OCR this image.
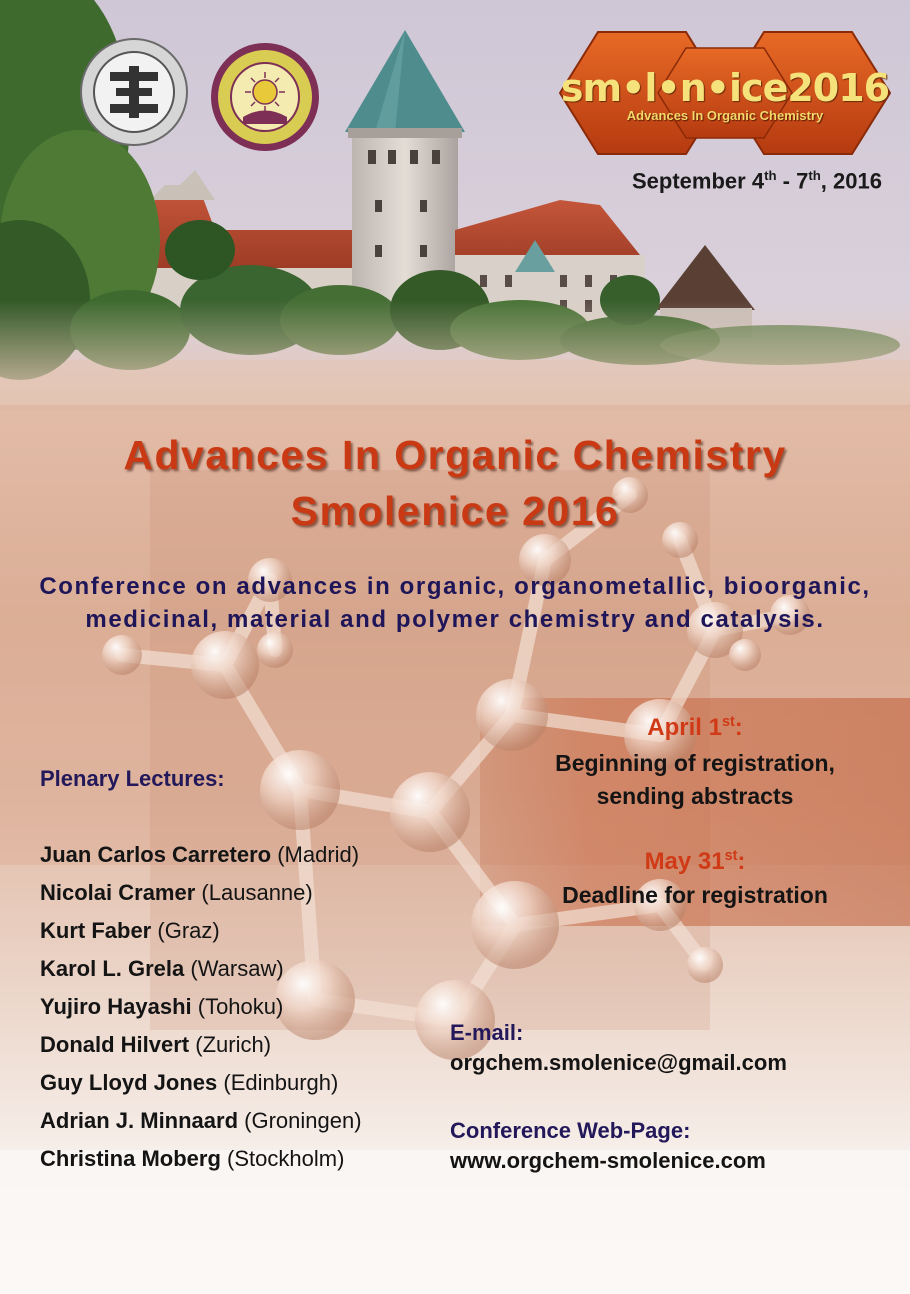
sm•l•n•ice2016
Advances In Organic Chemistry
September 4th - 7th, 2016
Advances In Organic Chemistry
Smolenice 2016
Conference on advances in organic, organometallic, bioorganic,
medicinal, material and polymer chemistry and catalysis.
Plenary Lectures:
Juan Carlos Carretero (Madrid)
Nicolai Cramer (Lausanne)
Kurt Faber (Graz)
Karol L. Grela (Warsaw)
Yujiro Hayashi (Tohoku)
Donald Hilvert (Zurich)
Guy Lloyd Jones (Edinburgh)
Adrian J. Minnaard (Groningen)
Christina Moberg (Stockholm)
April 1st:
Beginning of registration,
sending abstracts
May 31st:
Deadline for registration
E-mail:
orgchem.smolenice@gmail.com
Conference Web-Page:
www.orgchem-smolenice.com
